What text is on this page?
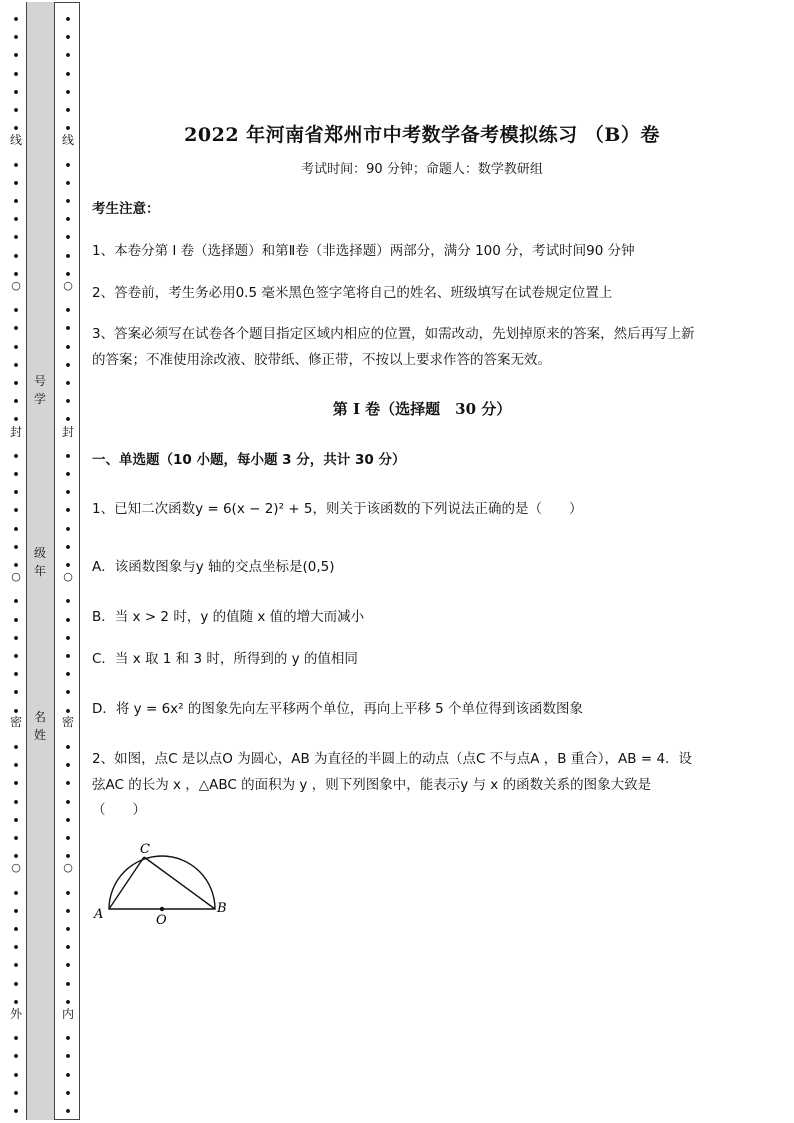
•
•
•
•
•
•
•
•
•
•
•
•
•
•
•
•
•
•
•
•
•
•
•
•
•
•
•
•
•
•
•
•
•
•
•
•
•
•
•
•
•
•
•
•
•
•
•
•
•
•
•
•
•
•
线
○
封
○
密
○
外
•
•
•
•
•
•
•
•
•
•
•
•
•
•
•
•
•
•
•
•
•
•
•
•
•
•
•
•
•
•
•
•
•
•
•
•
•
•
•
•
•
•
•
•
•
•
•
•
•
•
•
•
•
•
线
○
封
○
密
○
内
号学
级年
名姓
2022 年河南省郑州市中考数学备考模拟练习 （B）卷
考试时间：90 分钟；命题人：数学教研组
考生注意：
1、本卷分第 I 卷（选择题）和第Ⅱ卷（非选择题）两部分，满分 100 分，考试时间90 分钟
2、答卷前，考生务必用0.5 毫米黑色签字笔将自己的姓名、班级填写在试卷规定位置上
3、答案必须写在试卷各个题目指定区域内相应的位置，如需改动，先划掉原来的答案，然后再写上新
的答案；不准使用涂改液、胶带纸、修正带，不按以上要求作答的答案无效。
第 I 卷（选择题　30 分）
一、单选题（10 小题，每小题 3 分，共计 30 分）
1、已知二次函数y = 6(x − 2)² + 5，则关于该函数的下列说法正确的是（　　）
A．该函数图象与y 轴的交点坐标是(0,5)
B．当 x > 2 时，y 的值随 x 值的增大而减小
C．当 x 取 1 和 3 时，所得到的 y 的值相同
D．将 y = 6x² 的图象先向左平移两个单位，再向上平移 5 个单位得到该函数图象
2、如图，点C 是以点O 为圆心，AB 为直径的半圆上的动点（点C 不与点A ，B 重合），AB = 4．设
弦AC 的长为 x ，△ABC 的面积为 y ，则下列图象中，能表示y 与 x 的函数关系的图象大致是
（　　）
A	B
C
O
